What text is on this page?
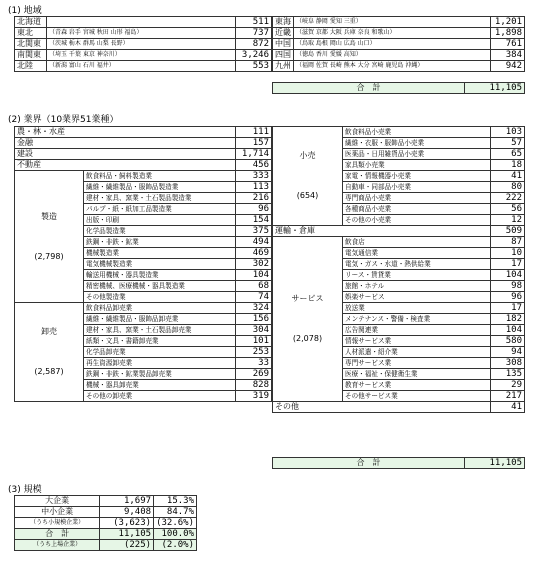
(1) 地域
北海道		511
東北	（青森 岩手 宮城 秋田 山形 福島）	737
北関東	（茨城 栃木 群馬 山梨 長野）	872
南関東	（埼玉 千葉 東京 神奈川）	3,246
北陸	（新潟 富山 石川 福井）	553
東海	（岐阜 静岡 愛知 三重）	1,201
近畿	（滋賀 京都 大阪 兵庫 奈良 和歌山）	1,898
中国	（鳥取 島根 岡山 広島 山口）	761
四国	（徳島 香川 愛媛 高知）	384
九州	（福岡 佐賀 長崎 熊本 大分 宮崎 鹿児島 沖縄）	942
合　計	11,105
(2) 業界（10業界51業種）
農・林・水産		111
金融		157
建設		1,714
不動産		456

製造
(2,798)	飲食料品・飼料製造業	333
	繊維・繊維製品・服飾品製造業	113
	建材・家具、窯業・土石製品製造業	216
	パルプ・紙・紙加工品製造業	96
	出版・印刷	154
	化学品製造業	375
	鉄鋼・非鉄・鉱業	494
	機械製造業	469
	電気機械製造業	302
	輸送用機械・器具製造業	104
	精密機械、医療機械・器具製造業	68
	その他製造業	74

卸売
(2,587)	飲食料品卸売業	324
	繊維・繊維製品・服飾品卸売業	156
	建材・家具、窯業・土石製品卸売業	304
	紙類・文具・書籍卸売業	101
	化学品卸売業	253
	再生資源卸売業	33
	鉄鋼・非鉄・鉱業製品卸売業	269
	機械・器具卸売業	828
	その他の卸売業	319
小売
(654)	飲食料品小売業	103
	繊維・衣服・服飾品小売業	57
	医薬品・日用雑貨品小売業	65
	家具類小売業	18
	家電・情報機器小売業	41
	自動車・同部品小売業	80
	専門商品小売業	222
	各種商品小売業	56
	その他の小売業	12
運輸・倉庫		509

サービス
(2,078)	飲食店	87
	電気通信業	10
	電気・ガス・水道・熱供給業	17
	リース・賃貸業	104
	旅館・ホテル	98
	娯楽サービス	96
	放送業	17
	メンテナンス・警備・検査業	182
	広告関連業	104
	情報サービス業	580
	人材派遣・紹介業	94
	専門サービス業	308
	医療・福祉・保健衛生業	135
	教育サービス業	29
	その他サービス業	217
その他		41
合　計	11,105
(3) 規模
大企業	1,697	15.3%
中小企業	9,408	84.7%
（うち小規模企業）	(3,623)	(32.6%)
合　計	11,105	100.0%
（うち上場企業）	(225)	(2.0%)
